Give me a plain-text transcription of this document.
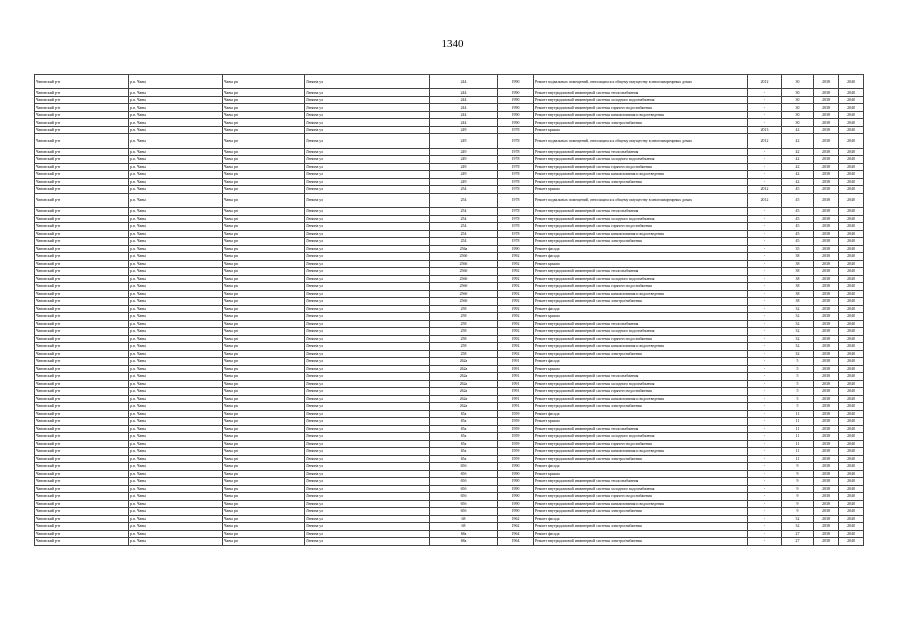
1340
Чановский р-н	р.п. Чаны	Чаны рп	Ленина ул	244	1990	Ремонт подвальных помещений, относящихся к общему имуществу в многоквартирных домах	2012	30	2038	2040
Чановский р-н	р.п. Чаны	Чаны рп	Ленина ул	244	1990	Ремонт внутридомовой инженерной системы теплоснабжения	-	30	2038	2040
Чановский р-н	р.п. Чаны	Чаны рп	Ленина ул	244	1990	Ремонт внутридомовой инженерной системы холодного водоснабжения	-	30	2038	2040
Чановский р-н	р.п. Чаны	Чаны рп	Ленина ул	244	1990	Ремонт внутридомовой инженерной системы горячего водоснабжения	-	30	2038	2040
Чановский р-н	р.п. Чаны	Чаны рп	Ленина ул	244	1990	Ремонт внутридомовой инженерной системы канализования и водоотведения	-	30	2038	2040
Чановский р-н	р.п. Чаны	Чаны рп	Ленина ул	244	1990	Ремонт внутридомовой инженерной системы электроснабжения	-	30	2038	2040
Чановский р-н	р.п. Чаны	Чаны рп	Ленина ул	249	1978	Ремонт крыши	2013	42	2038	2040
Чановский р-н	р.п. Чаны	Чаны рп	Ленина ул	249	1978	Ремонт подвальных помещений, относящихся к общему имуществу в многоквартирных домах	2012	42	2038	2040
Чановский р-н	р.п. Чаны	Чаны рп	Ленина ул	249	1978	Ремонт внутридомовой инженерной системы теплоснабжения	-	42	2038	2040
Чановский р-н	р.п. Чаны	Чаны рп	Ленина ул	249	1978	Ремонт внутридомовой инженерной системы холодного водоснабжения	-	42	2038	2040
Чановский р-н	р.п. Чаны	Чаны рп	Ленина ул	249	1978	Ремонт внутридомовой инженерной системы горячего водоснабжения	-	42	2038	2040
Чановский р-н	р.п. Чаны	Чаны рп	Ленина ул	249	1978	Ремонт внутридомовой инженерной системы канализования и водоотведения	-	42	2038	2040
Чановский р-н	р.п. Чаны	Чаны рп	Ленина ул	249	1978	Ремонт внутридомовой инженерной системы электроснабжения	-	42	2038	2040
Чановский р-н	р.п. Чаны	Чаны рп	Ленина ул	254	1978	Ремонт крыши	2012	45	2038	2040
Чановский р-н	р.п. Чаны	Чаны рп	Ленина ул	254	1978	Ремонт подвальных помещений, относящихся к общему имуществу в многоквартирных домах	2012	45	2038	2040
Чановский р-н	р.п. Чаны	Чаны рп	Ленина ул	254	1978	Ремонт внутридомовой инженерной системы теплоснабжения	-	45	2038	2040
Чановский р-н	р.п. Чаны	Чаны рп	Ленина ул	254	1978	Ремонт внутридомовой инженерной системы холодного водоснабжения	-	45	2038	2040
Чановский р-н	р.п. Чаны	Чаны рп	Ленина ул	254	1978	Ремонт внутридомовой инженерной системы горячего водоснабжения	-	45	2038	2040
Чановский р-н	р.п. Чаны	Чаны рп	Ленина ул	254	1978	Ремонт внутридомовой инженерной системы канализования и водоотведения	-	45	2038	2040
Чановский р-н	р.п. Чаны	Чаны рп	Ленина ул	254	1978	Ремонт внутридомовой инженерной системы электроснабжения	-	45	2038	2040
Чановский р-н	р.п. Чаны	Чаны рп	Ленина ул	256а	1990	Ремонт фасада	-	35	2038	2040
Чановский р-н	р.п. Чаны	Чаны рп	Ленина ул	256б	1992	Ремонт фасада	-	38	2038	2040
Чановский р-н	р.п. Чаны	Чаны рп	Ленина ул	256б	1992	Ремонт крыши	-	38	2038	2040
Чановский р-н	р.п. Чаны	Чаны рп	Ленина ул	256б	1992	Ремонт внутридомовой инженерной системы теплоснабжения	-	38	2038	2040
Чановский р-н	р.п. Чаны	Чаны рп	Ленина ул	256б	1992	Ремонт внутридомовой инженерной системы холодного водоснабжения	-	38	2038	2040
Чановский р-н	р.п. Чаны	Чаны рп	Ленина ул	256б	1992	Ремонт внутридомовой инженерной системы горячего водоснабжения	-	38	2038	2040
Чановский р-н	р.п. Чаны	Чаны рп	Ленина ул	256б	1992	Ремонт внутридомовой инженерной системы канализования и водоотведения	-	38	2038	2040
Чановский р-н	р.п. Чаны	Чаны рп	Ленина ул	256б	1992	Ремонт внутридомовой инженерной системы электроснабжения	-	38	2038	2040
Чановский р-н	р.п. Чаны	Чаны рп	Ленина ул	258	1992	Ремонт фасада	-	32	2038	2040
Чановский р-н	р.п. Чаны	Чаны рп	Ленина ул	258	1992	Ремонт крыши	-	32	2038	2040
Чановский р-н	р.п. Чаны	Чаны рп	Ленина ул	258	1992	Ремонт внутридомовой инженерной системы теплоснабжения	-	32	2038	2040
Чановский р-н	р.п. Чаны	Чаны рп	Ленина ул	258	1992	Ремонт внутридомовой инженерной системы холодного водоснабжения	-	32	2038	2040
Чановский р-н	р.п. Чаны	Чаны рп	Ленина ул	258	1992	Ремонт внутридомовой инженерной системы горячего водоснабжения	-	32	2038	2040
Чановский р-н	р.п. Чаны	Чаны рп	Ленина ул	258	1992	Ремонт внутридомовой инженерной системы канализования и водоотведения	-	32	2038	2040
Чановский р-н	р.п. Чаны	Чаны рп	Ленина ул	258	1992	Ремонт внутридомовой инженерной системы электроснабжения	-	32	2038	2040
Чановский р-н	р.п. Чаны	Чаны рп	Ленина ул	262а	1991	Ремонт фасада	-	5	2038	2040
Чановский р-н	р.п. Чаны	Чаны рп	Ленина ул	262а	1991	Ремонт крыши	-	5	2038	2040
Чановский р-н	р.п. Чаны	Чаны рп	Ленина ул	262а	1991	Ремонт внутридомовой инженерной системы теплоснабжения	-	5	2038	2040
Чановский р-н	р.п. Чаны	Чаны рп	Ленина ул	262а	1991	Ремонт внутридомовой инженерной системы холодного водоснабжения	-	5	2038	2040
Чановский р-н	р.п. Чаны	Чаны рп	Ленина ул	262а	1991	Ремонт внутридомовой инженерной системы горячего водоснабжения	-	5	2038	2040
Чановский р-н	р.п. Чаны	Чаны рп	Ленина ул	262а	1991	Ремонт внутридомовой инженерной системы канализования и водоотведения	-	5	2038	2040
Чановский р-н	р.п. Чаны	Чаны рп	Ленина ул	262а	1991	Ремонт внутридомовой инженерной системы электроснабжения	-	5	2038	2040
Чановский р-н	р.п. Чаны	Чаны рп	Ленина ул	65а	1959	Ремонт фасада	-	11	2038	2040
Чановский р-н	р.п. Чаны	Чаны рп	Ленина ул	65а	1959	Ремонт крыши	-	11	2038	2040
Чановский р-н	р.п. Чаны	Чаны рп	Ленина ул	65а	1959	Ремонт внутридомовой инженерной системы теплоснабжения	-	11	2038	2040
Чановский р-н	р.п. Чаны	Чаны рп	Ленина ул	65а	1959	Ремонт внутридомовой инженерной системы холодного водоснабжения	-	11	2038	2040
Чановский р-н	р.п. Чаны	Чаны рп	Ленина ул	65а	1959	Ремонт внутридомовой инженерной системы горячего водоснабжения	-	11	2038	2040
Чановский р-н	р.п. Чаны	Чаны рп	Ленина ул	65а	1959	Ремонт внутридомовой инженерной системы канализования и водоотведения	-	11	2038	2040
Чановский р-н	р.п. Чаны	Чаны рп	Ленина ул	65а	1959	Ремонт внутридомовой инженерной системы электроснабжения	-	11	2038	2040
Чановский р-н	р.п. Чаны	Чаны рп	Ленина ул	65б	1990	Ремонт фасада	-	9	2038	2040
Чановский р-н	р.п. Чаны	Чаны рп	Ленина ул	65б	1990	Ремонт крыши	-	9	2038	2040
Чановский р-н	р.п. Чаны	Чаны рп	Ленина ул	65б	1990	Ремонт внутридомовой инженерной системы теплоснабжения	-	9	2038	2040
Чановский р-н	р.п. Чаны	Чаны рп	Ленина ул	65б	1990	Ремонт внутридомовой инженерной системы холодного водоснабжения	-	9	2038	2040
Чановский р-н	р.п. Чаны	Чаны рп	Ленина ул	65б	1990	Ремонт внутридомовой инженерной системы горячего водоснабжения	-	9	2038	2040
Чановский р-н	р.п. Чаны	Чаны рп	Ленина ул	65б	1990	Ремонт внутридомовой инженерной системы канализования и водоотведения	-	9	2038	2040
Чановский р-н	р.п. Чаны	Чаны рп	Ленина ул	65б	1990	Ремонт внутридомовой инженерной системы электроснабжения	-	9	2038	2040
Чановский р-н	р.п. Чаны	Чаны рп	Ленина ул	68	1962	Ремонт фасада	-	32	2038	2040
Чановский р-н	р.п. Чаны	Чаны рп	Ленина ул	68	1962	Ремонт внутридомовой инженерной системы электроснабжения	-	32	2038	2040
Чановский р-н	р.п. Чаны	Чаны рп	Ленина ул	68а	1964	Ремонт фасада	-	27	2038	2040
Чановский р-н	р.п. Чаны	Чаны рп	Ленина ул	68а	1964	Ремонт внутридомовой инженерной системы электроснабжения	-	27	2038	2040
